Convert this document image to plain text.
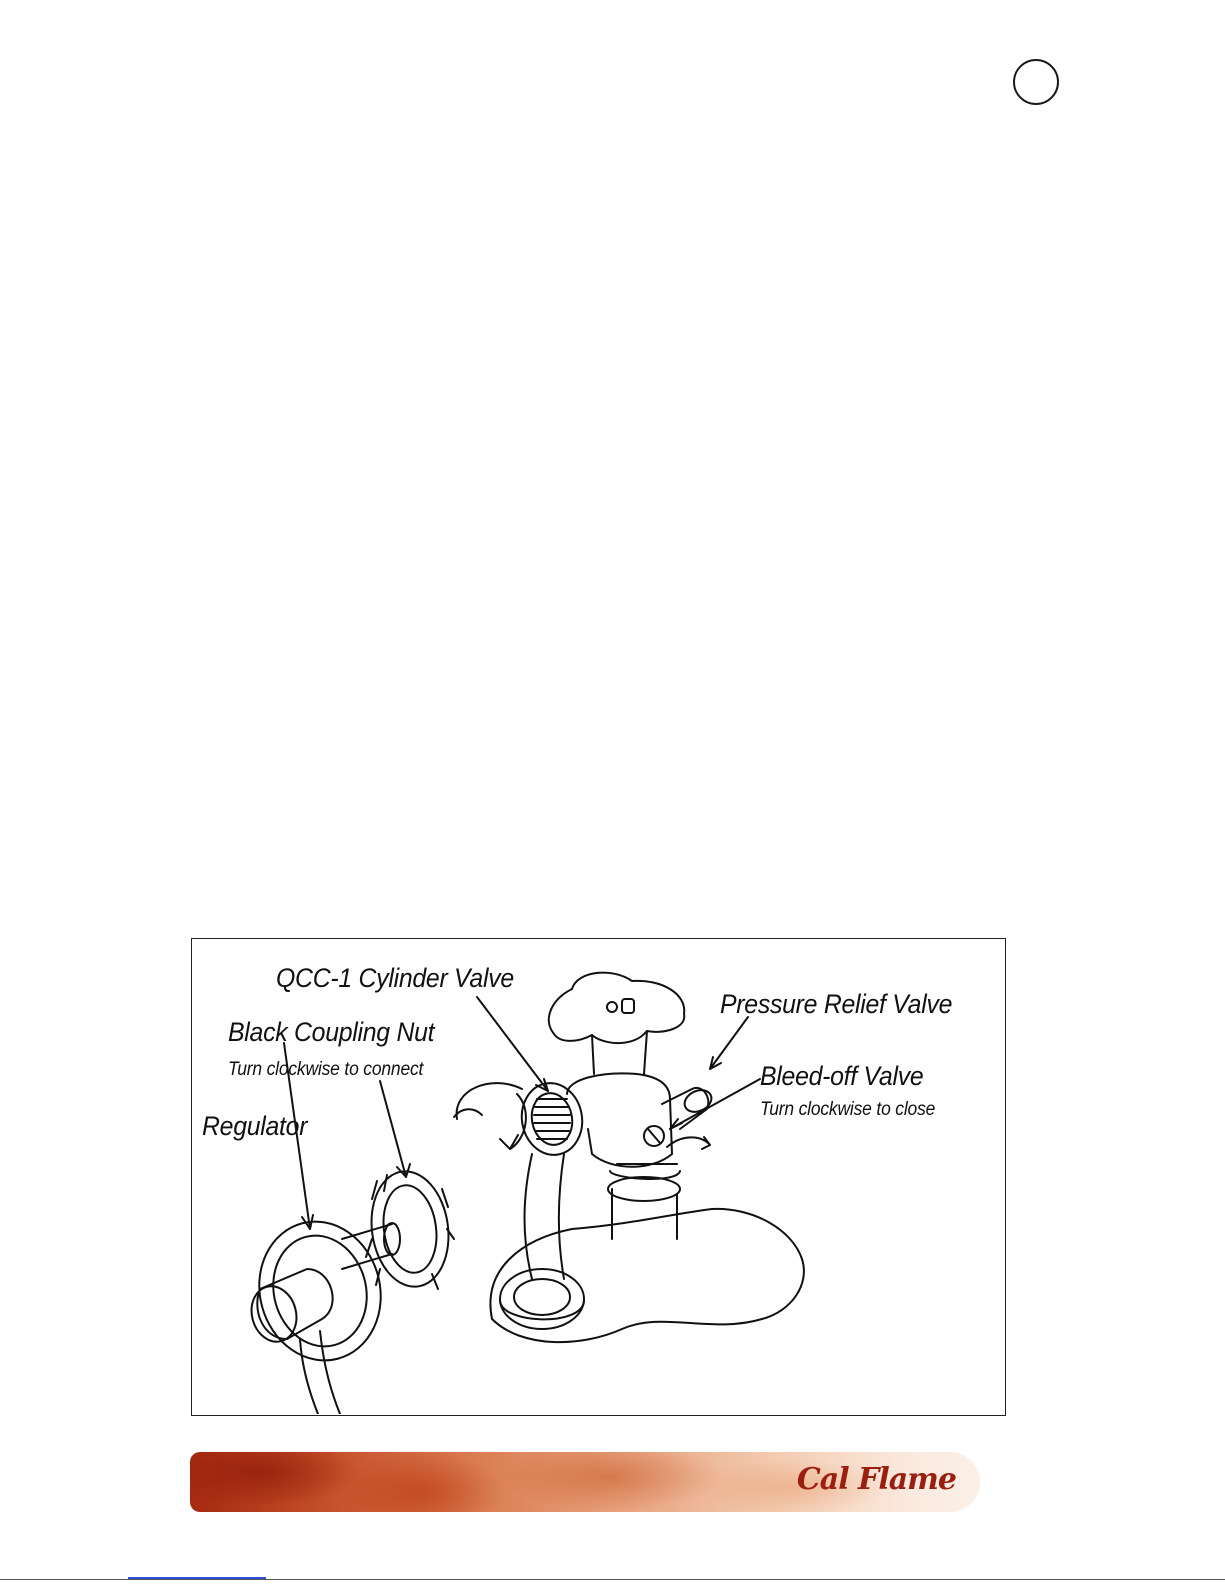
QCC-1 Cylinder Valve
Pressure Relief Valve
Black Coupling Nut
Turn clockwise to connect	Bleed-off Valve
Turn clockwise to close
Regulator
Cal Flame
